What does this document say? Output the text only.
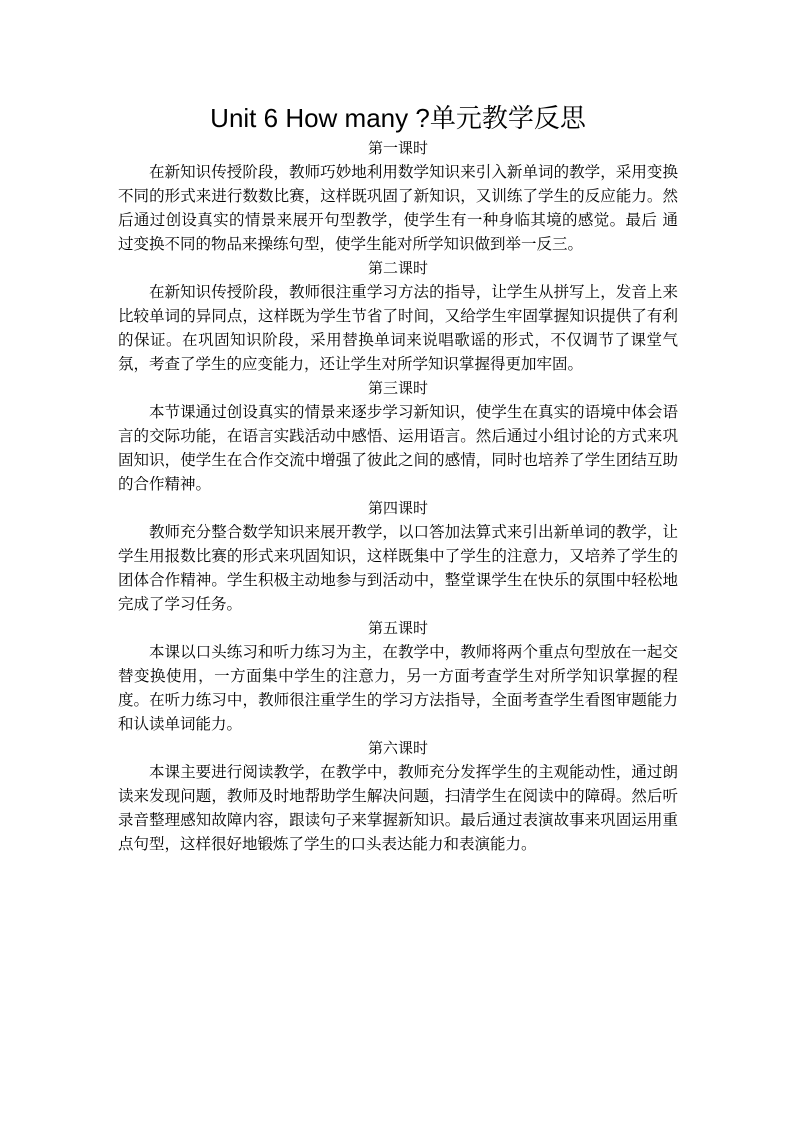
Unit 6 How many ?单元教学反思
第一课时

在新知识传授阶段，教师巧妙地利用数学知识来引入新单词的教学，采用变换不同的形式来进行数数比赛，这样既巩固了新知识，又训练了学生的反应能力。然后通过创设真实的情景来展开句型教学，使学生有一种身临其境的感觉。最后 通过变换不同的物品来操练句型，使学生能对所学知识做到举一反三。

第二课时

在新知识传授阶段，教师很注重学习方法的指导，让学生从拼写上，发音上来比较单词的异同点，这样既为学生节省了时间，又给学生牢固掌握知识提供了有利的保证。在巩固知识阶段，采用替换单词来说唱歌谣的形式，不仅调节了课堂气氛，考查了学生的应变能力，还让学生对所学知识掌握得更加牢固。

第三课时

本节课通过创设真实的情景来逐步学习新知识，使学生在真实的语境中体会语言的交际功能，在语言实践活动中感悟、运用语言。然后通过小组讨论的方式来巩固知识，使学生在合作交流中增强了彼此之间的感情，同时也培养了学生团结互助的合作精神。

第四课时

教师充分整合数学知识来展开教学，以口答加法算式来引出新单词的教学，让学生用报数比赛的形式来巩固知识，这样既集中了学生的注意力，又培养了学生的团体合作精神。学生积极主动地参与到活动中，整堂课学生在快乐的氛围中轻松地完成了学习任务。

第五课时

本课以口头练习和听力练习为主，在教学中，教师将两个重点句型放在一起交替变换使用，一方面集中学生的注意力，另一方面考查学生对所学知识掌握的程度。在听力练习中，教师很注重学生的学习方法指导，全面考查学生看图审题能力和认读单词能力。

第六课时

本课主要进行阅读教学，在教学中，教师充分发挥学生的主观能动性，通过朗读来发现问题，教师及时地帮助学生解决问题，扫清学生在阅读中的障碍。然后听录音整理感知故障内容，跟读句子来掌握新知识。最后通过表演故事来巩固运用重点句型，这样很好地锻炼了学生的口头表达能力和表演能力。
